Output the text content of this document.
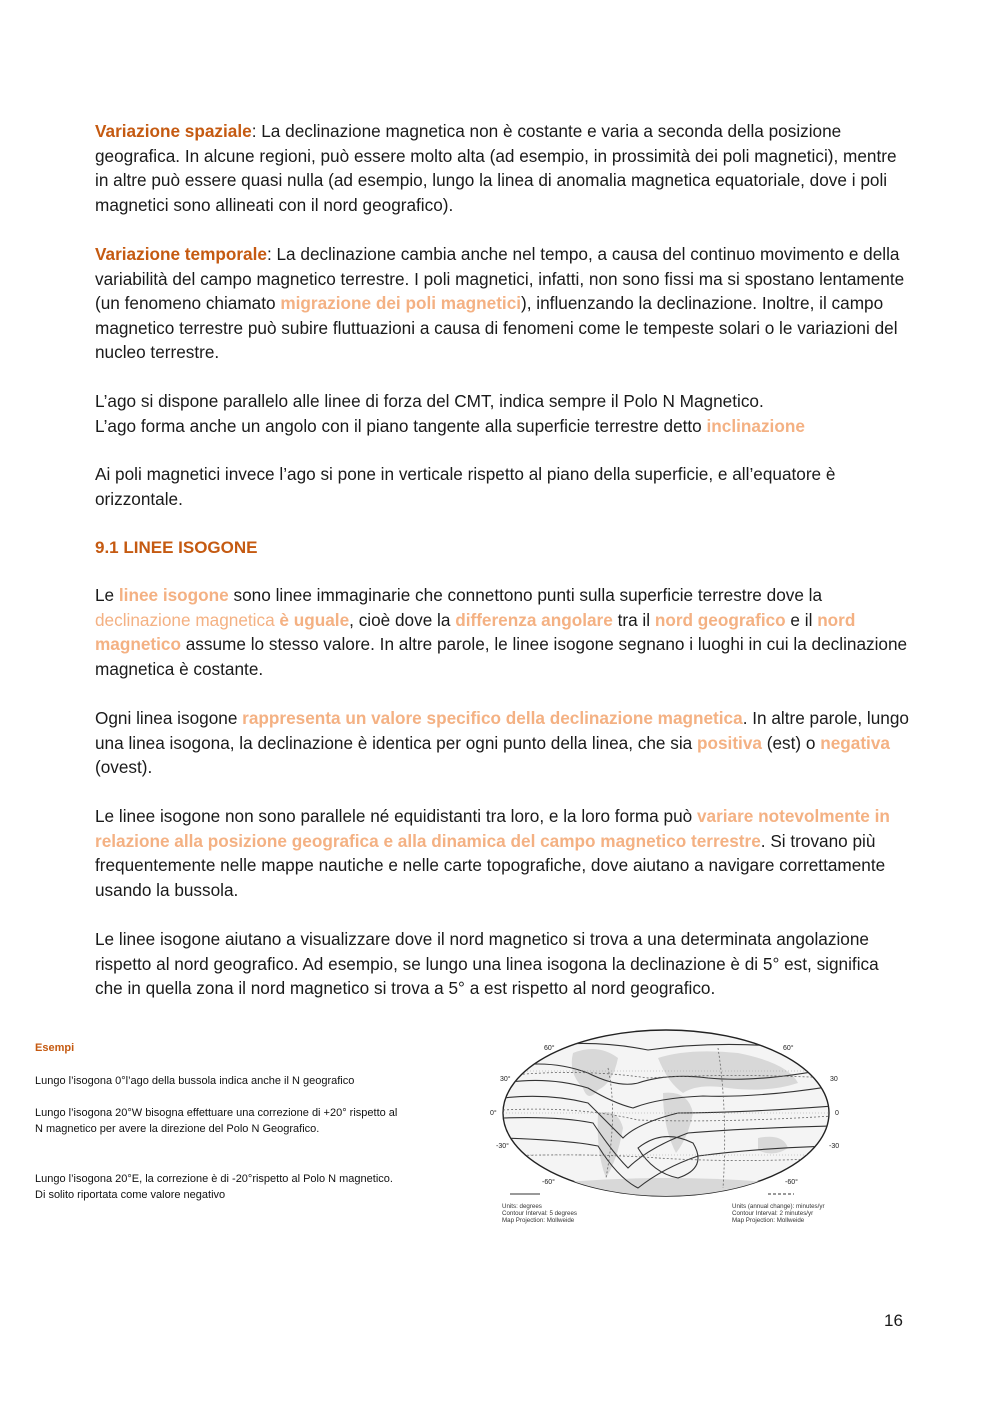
Variazione spaziale: La declinazione magnetica non è costante e varia a seconda della posizione geografica. In alcune regioni, può essere molto alta (ad esempio, in prossimità dei poli magnetici), mentre in altre può essere quasi nulla (ad esempio, lungo la linea di anomalia magnetica equatoriale, dove i poli magnetici sono allineati con il nord geografico).
Variazione temporale: La declinazione cambia anche nel tempo, a causa del continuo movimento e della variabilità del campo magnetico terrestre. I poli magnetici, infatti, non sono fissi ma si spostano lentamente (un fenomeno chiamato migrazione dei poli magnetici), influenzando la declinazione. Inoltre, il campo magnetico terrestre può subire fluttuazioni a causa di fenomeni come le tempeste solari o le variazioni del nucleo terrestre.
L’ago si dispone parallelo alle linee di forza del CMT, indica sempre il Polo N Magnetico.
L’ago forma anche un angolo con il piano tangente alla superficie terrestre detto inclinazione
Ai poli magnetici invece l’ago si pone in verticale rispetto al piano della superficie, e all’equatore è orizzontale.
9.1 LINEE ISOGONE
Le linee isogone sono linee immaginarie che connettono punti sulla superficie terrestre dove la declinazione magnetica è uguale, cioè dove la differenza angolare tra il nord geografico e il nord magnetico assume lo stesso valore. In altre parole, le linee isogone segnano i luoghi in cui la declinazione magnetica è costante.
Ogni linea isogone rappresenta un valore specifico della declinazione magnetica. In altre parole, lungo una linea isogona, la declinazione è identica per ogni punto della linea, che sia positiva (est) o negativa (ovest).
Le linee isogone non sono parallele né equidistanti tra loro, e la loro forma può variare notevolmente in relazione alla posizione geografica e alla dinamica del campo magnetico terrestre. Si trovano più frequentemente nelle mappe nautiche e nelle carte topografiche, dove aiutano a navigare correttamente usando la bussola.
Le linee isogone aiutano a visualizzare dove il nord magnetico si trova a una determinata angolazione rispetto al nord geografico. Ad esempio, se lungo una linea isogona la declinazione è di 5° est, significa che in quella zona il nord magnetico si trova a 5° a est rispetto al nord geografico.
Esempi
Lungo l’isogona 0°l’ago della bussola indica anche il N geografico
Lungo l’isogona 20°W bisogna effettuare una correzione di +20° rispetto al N magnetico per avere la direzione del Polo N Geografico.
Lungo l’isogona 20°E, la correzione è di -20°rispetto al Polo N magnetico. Di solito riportata come valore negativo
60°
30°
0°
-30°
-60°
60°
30
0
-30
-60°
Units: degrees
Contour Interval: 5 degrees
Map Projection: Mollweide
Units (annual change): minutes/yr
Contour Interval: 2 minutes/yr
Map Projection: Mollweide
16
